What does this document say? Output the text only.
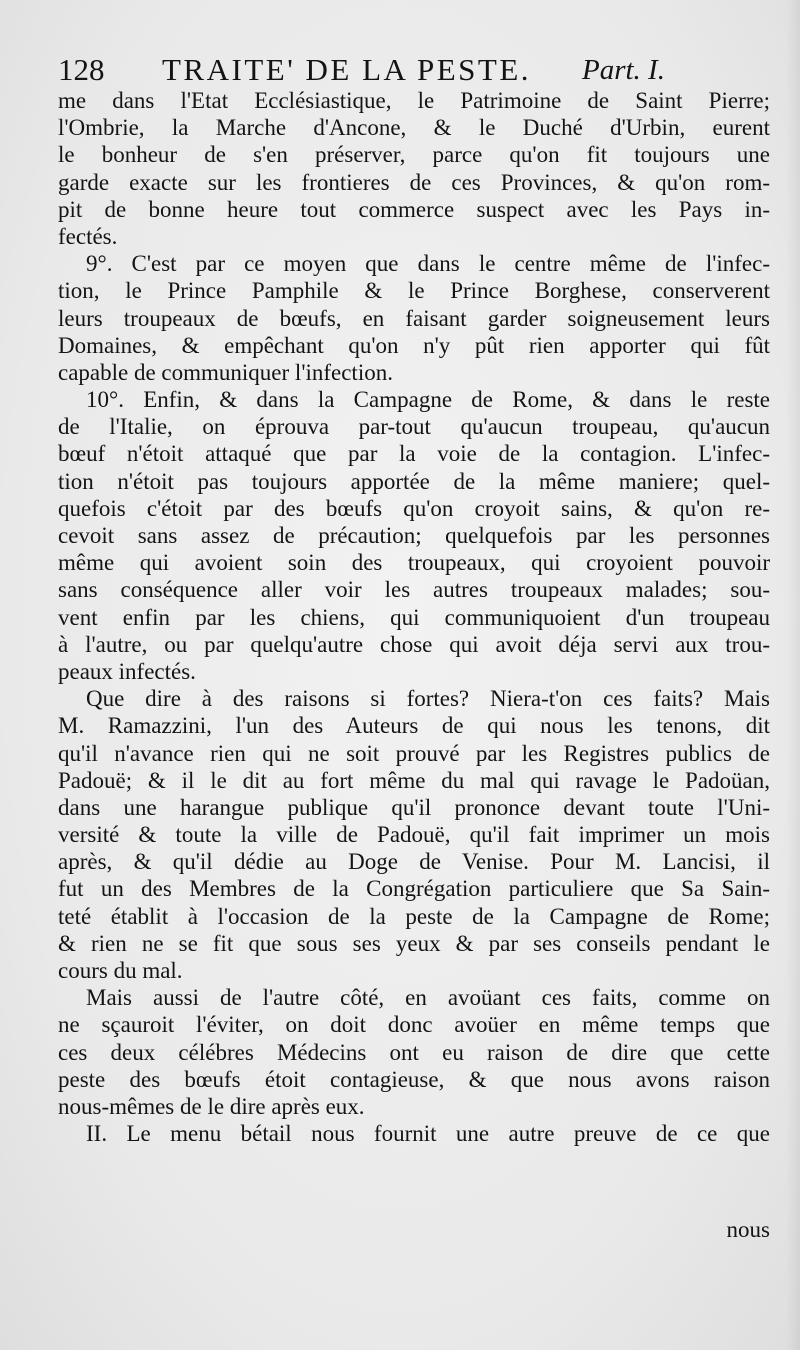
128 TRAITE' DE LA PESTE. Part. I.
me dans l'Etat Ecclésiastique, le Patrimoine de Saint Pierre;
l'Ombrie, la Marche d'Ancone, & le Duché d'Urbin, eurent
le bonheur de s'en préserver, parce qu'on fit toujours une
garde exacte sur les frontieres de ces Provinces, & qu'on rom-
pit de bonne heure tout commerce suspect avec les Pays in-
fectés.
9°. C'est par ce moyen que dans le centre même de l'infec-
tion, le Prince Pamphile & le Prince Borghese, conserverent
leurs troupeaux de bœufs, en faisant garder soigneusement leurs
Domaines, & empêchant qu'on n'y pût rien apporter qui fût
capable de communiquer l'infection.
10°. Enfin, & dans la Campagne de Rome, & dans le reste
de l'Italie, on éprouva par-tout qu'aucun troupeau, qu'aucun
bœuf n'étoit attaqué que par la voie de la contagion. L'infec-
tion n'étoit pas toujours apportée de la même maniere; quel-
quefois c'étoit par des bœufs qu'on croyoit sains, & qu'on re-
cevoit sans assez de précaution; quelquefois par les personnes
même qui avoient soin des troupeaux, qui croyoient pouvoir
sans conséquence aller voir les autres troupeaux malades; sou-
vent enfin par les chiens, qui communiquoient d'un troupeau
à l'autre, ou par quelqu'autre chose qui avoit déja servi aux trou-
peaux infectés.
Que dire à des raisons si fortes? Niera-t'on ces faits? Mais
M. Ramazzini, l'un des Auteurs de qui nous les tenons, dit
qu'il n'avance rien qui ne soit prouvé par les Registres publics de
Padouë; & il le dit au fort même du mal qui ravage le Padoüan,
dans une harangue publique qu'il prononce devant toute l'Uni-
versité & toute la ville de Padouë, qu'il fait imprimer un mois
après, & qu'il dédie au Doge de Venise. Pour M. Lancisi, il
fut un des Membres de la Congrégation particuliere que Sa Sain-
teté établit à l'occasion de la peste de la Campagne de Rome;
& rien ne se fit que sous ses yeux & par ses conseils pendant le
cours du mal.
Mais aussi de l'autre côté, en avoüant ces faits, comme on
ne sçauroit l'éviter, on doit donc avoüer en même temps que
ces deux célébres Médecins ont eu raison de dire que cette
peste des bœufs étoit contagieuse, & que nous avons raison
nous-mêmes de le dire après eux.
II. Le menu bétail nous fournit une autre preuve de ce que
nous
